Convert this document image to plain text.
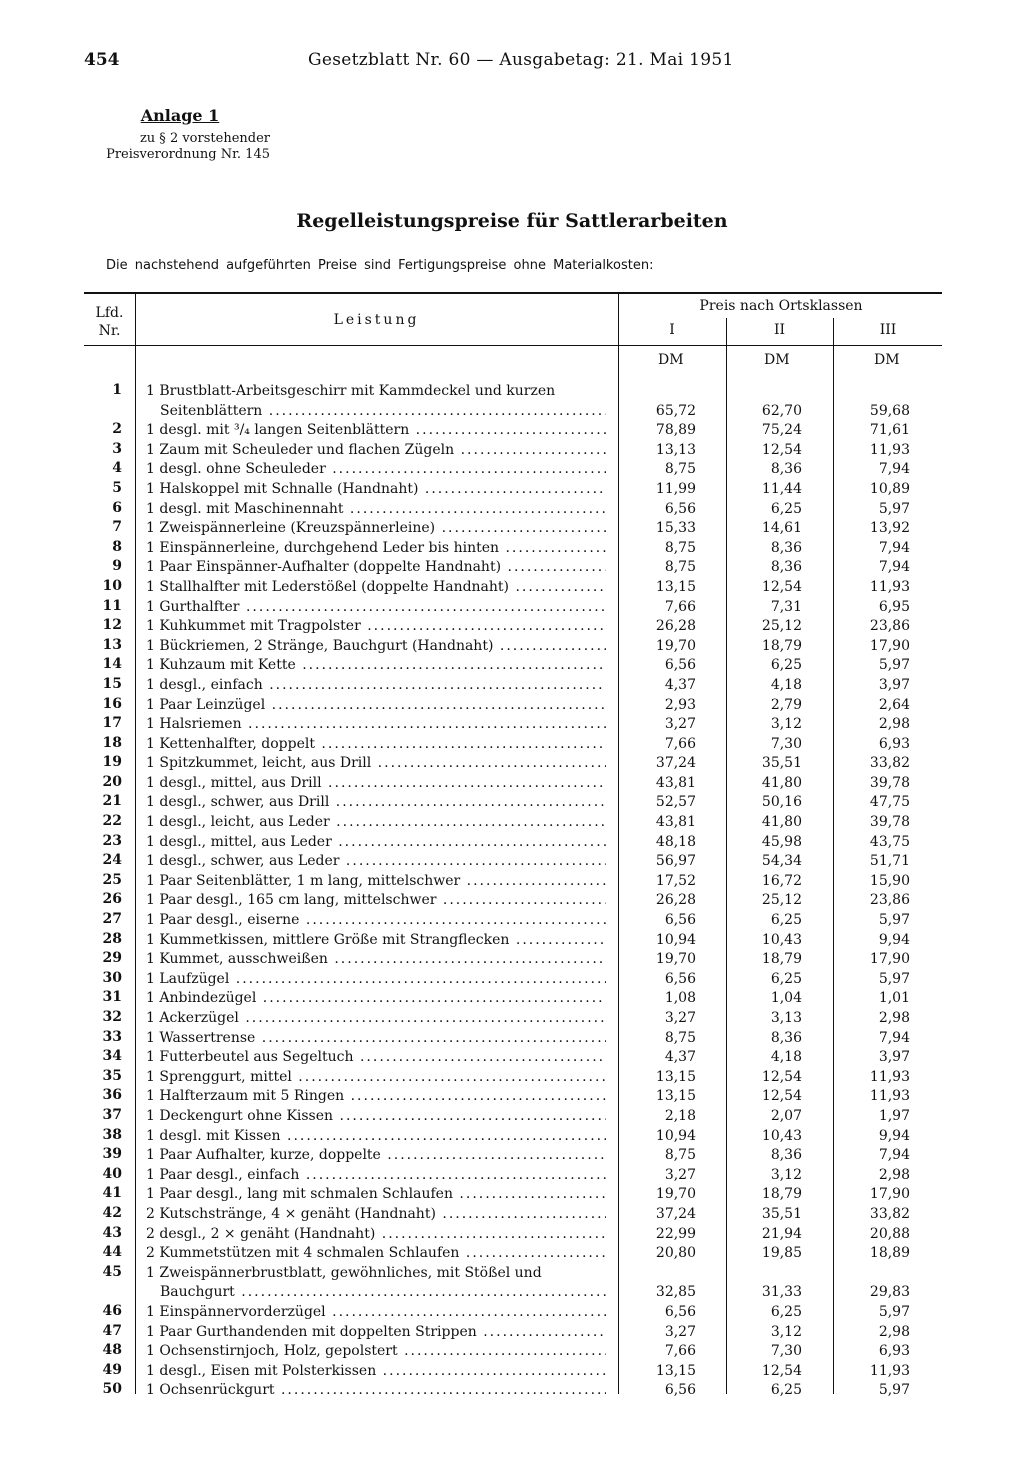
454	Gesetzblatt Nr. 60 — Ausgabetag: 21. Mai 1951
Anlage 1
zu § 2 vorstehender
Preisverordnung Nr. 145
Regelleistungspreise für Sattlerarbeiten
Die nachstehend aufgeführten Preise sind Fertigungspreise ohne Materialkosten:
Lfd.
Nr.
Leistung
Preis nach Ortsklassen
I	II	III
DM	DM	DM
1 1 Brustblatt-Arbeitsgeschirr mit Kammdeckel und kurzen
Seitenblättern .....	65,72	62,70	59,68
2 1 desgl. mit ³/₄ langen Seitenblättern .....	78,89	75,24	71,61
3 1 Zaum mit Scheuleder und flachen Zügeln .....	13,13	12,54	11,93
4 1 desgl. ohne Scheuleder .....	8,75	8,36	7,94
5 1 Halskoppel mit Schnalle (Handnaht) .....	11,99	11,44	10,89
6 1 desgl. mit Maschinennaht .....	6,56	6,25	5,97
7 1 Zweispännerleine (Kreuzspännerleine) .....	15,33	14,61	13,92
8 1 Einspännerleine, durchgehend Leder bis hinten .....	8,75	8,36	7,94
9 1 Paar Einspänner-Aufhalter (doppelte Handnaht) .....	8,75	8,36	7,94
10 1 Stallhalfter mit Lederstößel (doppelte Handnaht) .....	13,15	12,54	11,93
11 1 Gurthalfter .....	7,66	7,31	6,95
12 1 Kuhkummet mit Tragpolster .....	26,28	25,12	23,86
13 1 Bückriemen, 2 Stränge, Bauchgurt (Handnaht) .....	19,70	18,79	17,90
14 1 Kuhzaum mit Kette .....	6,56	6,25	5,97
15 1 desgl., einfach .....	4,37	4,18	3,97
16 1 Paar Leinzügel .....	2,93	2,79	2,64
17 1 Halsriemen .....	3,27	3,12	2,98
18 1 Kettenhalfter, doppelt .....	7,66	7,30	6,93
19 1 Spitzkummet, leicht, aus Drill .....	37,24	35,51	33,82
20 1 desgl., mittel, aus Drill .....	43,81	41,80	39,78
21 1 desgl., schwer, aus Drill .....	52,57	50,16	47,75
22 1 desgl., leicht, aus Leder .....	43,81	41,80	39,78
23 1 desgl., mittel, aus Leder .....	48,18	45,98	43,75
24 1 desgl., schwer, aus Leder .....	56,97	54,34	51,71
25 1 Paar Seitenblätter, 1 m lang, mittelschwer .....	17,52	16,72	15,90
26 1 Paar desgl., 165 cm lang, mittelschwer .....	26,28	25,12	23,86
27 1 Paar desgl., eiserne .....	6,56	6,25	5,97
28 1 Kummetkissen, mittlere Größe mit Strangflecken .....	10,94	10,43	9,94
29 1 Kummet, ausschweißen .....	19,70	18,79	17,90
30 1 Laufzügel .....	6,56	6,25	5,97
31 1 Anbindezügel .....	1,08	1,04	1,01
32 1 Ackerzügel .....	3,27	3,13	2,98
33 1 Wassertrense .....	8,75	8,36	7,94
34 1 Futterbeutel aus Segeltuch .....	4,37	4,18	3,97
35 1 Sprenggurt, mittel .....	13,15	12,54	11,93
36 1 Halfterzaum mit 5 Ringen .....	13,15	12,54	11,93
37 1 Deckengurt ohne Kissen .....	2,18	2,07	1,97
38 1 desgl. mit Kissen .....	10,94	10,43	9,94
39 1 Paar Aufhalter, kurze, doppelte .....	8,75	8,36	7,94
40 1 Paar desgl., einfach .....	3,27	3,12	2,98
41 1 Paar desgl., lang mit schmalen Schlaufen .....	19,70	18,79	17,90
42 2 Kutschstränge, 4 × genäht (Handnaht) .....	37,24	35,51	33,82
43 2 desgl., 2 × genäht (Handnaht) .....	22,99	21,94	20,88
44 2 Kummetstützen mit 4 schmalen Schlaufen .....	20,80	19,85	18,89
45 1 Zweispännerbrustblatt, gewöhnliches, mit Stößel und
Bauchgurt .....	32,85	31,33	29,83
46 1 Einspännervorderzügel .....	6,56	6,25	5,97
47 1 Paar Gurthandenden mit doppelten Strippen .....	3,27	3,12	2,98
48 1 Ochsenstirnjoch, Holz, gepolstert .....	7,66	7,30	6,93
49 1 desgl., Eisen mit Polsterkissen .....	13,15	12,54	11,93
50 1 Ochsenrückgurt .....	6,56	6,25	5,97
